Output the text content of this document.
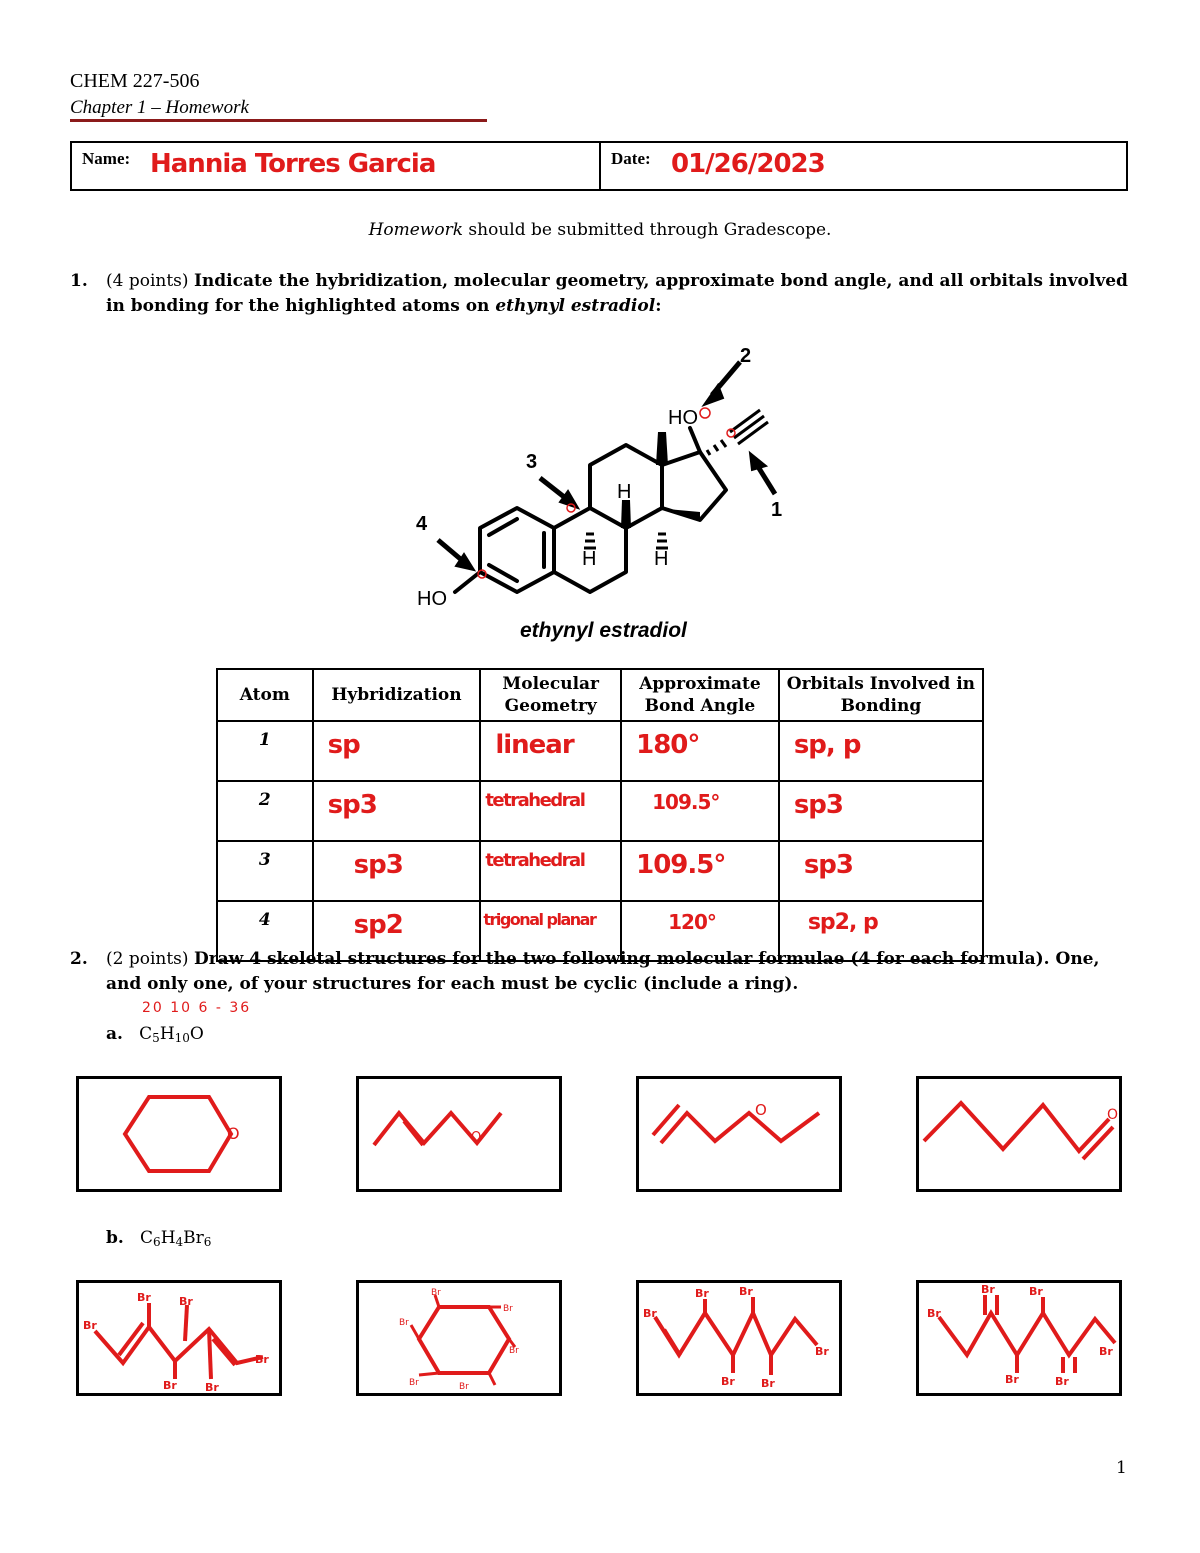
CHEM 227-506
Chapter 1 – Homework
Name: Hannia Torres Garcia	Date: 01/26/2023
Homework should be submitted through Gradescope.
1. (4 points) Indicate the hybridization, molecular geometry, approximate bond angle, and all orbitals involved in bonding for the highlighted atoms on ethynyl estradiol:
HO
HO
H
H
H
1
2
3
4
ethynyl estradiol
Atom	Hybridization	Molecular Geometry	Approximate Bond Angle	Orbitals Involved in Bonding
1	sp	linear	180°	sp, p
2	sp3	tetrahedral	109.5°	sp3
3	sp3	tetrahedral	109.5°	sp3
4	sp2	trigonal planar	120°	sp2, p
2. (2 points) Draw 4 skeletal structures for the two following molecular formulae (4 for each formula). One, and only one, of your structures for each must be cyclic (include a ring).
20 10 6 - 36
a. $C_5H_{10}O$
O	O
O	O
b. $C_6H_4Br_6$
Br
Br	Br
Br	Br
Br
Br
Br
Br
Br
Br	Br
Br
Br	Br
Br Br
Br
Br
Br	Br
Br	Br
Br
1
